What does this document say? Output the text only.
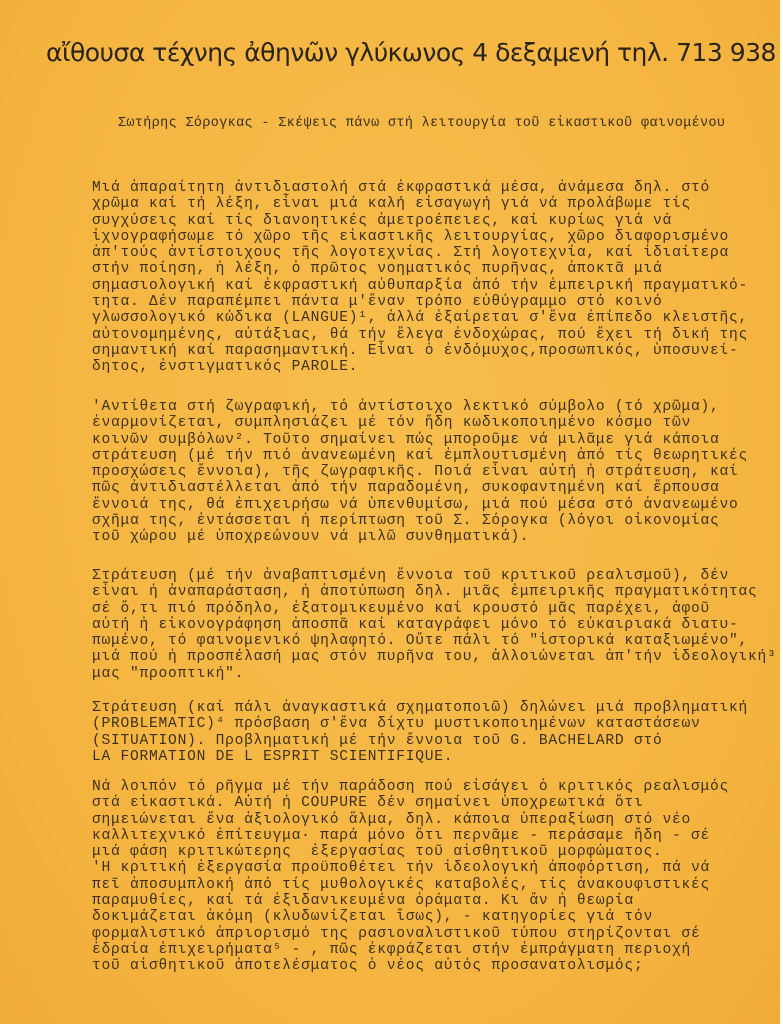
αἴθουσα τέχνης ἀθηνῶν γλύκωνος 4 δεξαμενή τηλ. 713 938
Σωτήρης Σόρογκας - Σκέψεις πάνω στή λειτουργία τοῦ εἰκαστικοῦ φαινομένου
Μιά ἀπαραίτητη ἀντιδιαστολή στά ἐκφραστικά μέσα, ἀνάμεσα δηλ. στό
χρῶμα καί τή λέξη, εἶναι μιά καλή εἰσαγωγή γιά νά προλάβωμε τίς
συγχύσεις καί τίς διανοητικές ἀμετροέπειες, καί κυρίως γιά νά
ἰχνογραφήσωμε τό χῶρο τῆς εἰκαστικῆς λειτουργίας, χῶρο διαφορισμένο
ἀπ'τούς ἀντίστοιχους τῆς λογοτεχνίας. Στή λογοτεχνία, καί ἰδιαίτερα
στήν ποίηση, ἡ λέξη, ὁ πρῶτος νοηματικός πυρῆνας, ἀποκτᾶ μιά
σημασιολογική καί ἐκφραστική αὐθυπαρξία ἀπό τήν ἐμπειρική πραγματικό-
τητα. Δέν παραπέμπει πάντα μ'ἕναν τρόπο εὐθύγραμμο στό κοινό
γλωσσολογικό κώδικα (LANGUE)¹, ἀλλά ἐξαίρεται σ'ἕνα ἐπίπεδο κλειστῆς,
αὐτονομημένης, αὐτάξιας, θά τήν ἔλεγα ἐνδοχώρας, πού ἔχει τή δική της
σημαντική καί παρασημαντική. Εἶναι ὁ ἐνδόμυχος,προσωπικός, ὑποσυνεί-
δητος, ἐνστιγματικός PAROLE.
'Αντίθετα στή ζωγραφική, τό ἀντίστοιχο λεκτικό σύμβολο (τό χρῶμα),
ἐναρμονίζεται, συμπλησιάζει μέ τόν ἤδη κωδικοποιημένο κόσμο τῶν
κοινῶν συμβόλων². Τοῦτο σημαίνει πώς μποροῦμε νά μιλᾶμε γιά κάποια
στράτευση (μέ τήν πιό ἀνανεωμένη καί ἐμπλουτισμένη ἀπό τίς θεωρητικές
προσχώσεις ἔννοια), τῆς ζωγραφικῆς. Ποιά εἶναι αὐτή ἡ στράτευση, καί
πῶς ἀντιδιαστέλλεται ἀπό τήν παραδομένη, συκοφαντημένη καί ἕρπουσα
ἔννοιά της, θά ἐπιχειρήσω νά ὑπενθυμίσω, μιά πού μέσα στό ἀνανεωμένο
σχῆμα της, ἐντάσσεται ἡ περίπτωση τοῦ Σ. Σόρογκα (λόγοι οἰκονομίας
τοῦ χώρου μέ ὑποχρεώνουν νά μιλῶ συνθηματικά).
Στράτευση (μέ τήν ἀναβαπτισμένη ἔννοια τοῦ κριτικοῦ ρεαλισμοῦ), δέν
εἶναι ἡ ἀναπαράσταση, ἡ ἀποτύπωση δηλ. μιᾶς ἐμπειρικῆς πραγματικότητας
σέ ὅ,τι πιό πρόδηλο, ἐξατομικευμένο καί κρουστό μᾶς παρέχει, ἀφοῦ
αὐτή ἡ εἰκονογράφηση ἀποσπᾶ καί καταγράφει μόνο τό εὐκαιριακά διατυ-
πωμένο, τό φαινομενικό ψηλαφητό. Οὔτε πάλι τό "ἱστορικά καταξιωμένο",
μιά πού ἡ προσπέλασή μας στόν πυρῆνα του, ἀλλοιώνεται ἀπ'τήν ἰδεολογική³
μας "προοπτική".
Στράτευση (καί πάλι ἀναγκαστικά σχηματοποιῶ) δηλώνει μιά προβληματική
(PROBLEMATIC)⁴ πρόσβαση σ'ἕνα δίχτυ μυστικοποιημένων καταστάσεων
(SITUATION). Προβληματική μέ τήν ἔννοια τοῦ G. BACHELARD στό
LA FORMATION DE L ESPRIT SCIENTIFIQUE.
Νά λοιπόν τό ρῆγμα μέ τήν παράδοση πού εἰσάγει ὁ κριτικός ρεαλισμός
στά εἰκαστικά. Αὐτή ἡ COUPURE δέν σημαίνει ὑποχρεωτικά ὅτι
σημειώνεται ἕνα ἀξιολογικό ἅλμα, δηλ. κάποια ὑπεραξίωση στό νέο
καλλιτεχνικό ἐπίτευγμα· παρά μόνο ὅτι περνᾶμε - περάσαμε ἤδη - σέ
μιά φάση κριτικώτερης  ἐξεργασίας τοῦ αἰσθητικοῦ μορφώματος.
'Η κριτική ἐξεργασία προϋποθέτει τήν ἰδεολογική ἀποφόρτιση, πά νά
πεῖ ἀποσυμπλοκή ἀπό τίς μυθολογικές καταβολές, τίς ἀνακουφιστικές
παραμυθίες, καί τά ἐξιδανικευμένα ὁράματα. Κι ἄν ἡ θεωρία
δοκιμάζεται ἀκόμη (κλυδωνίζεται ἴσως), - κατηγορίες γιά τόν
φορμαλιστικό ἀπριορισμό της ρασιοναλιστικοῦ τύπου στηρίζονται σέ
ἑδραία ἐπιχειρήματα⁵ - , πῶς ἐκφράζεται στήν ἐμπράγματη περιοχή
τοῦ αἰσθητικοῦ ἀποτελέσματος ὁ νέος αὐτός προσανατολισμός;
